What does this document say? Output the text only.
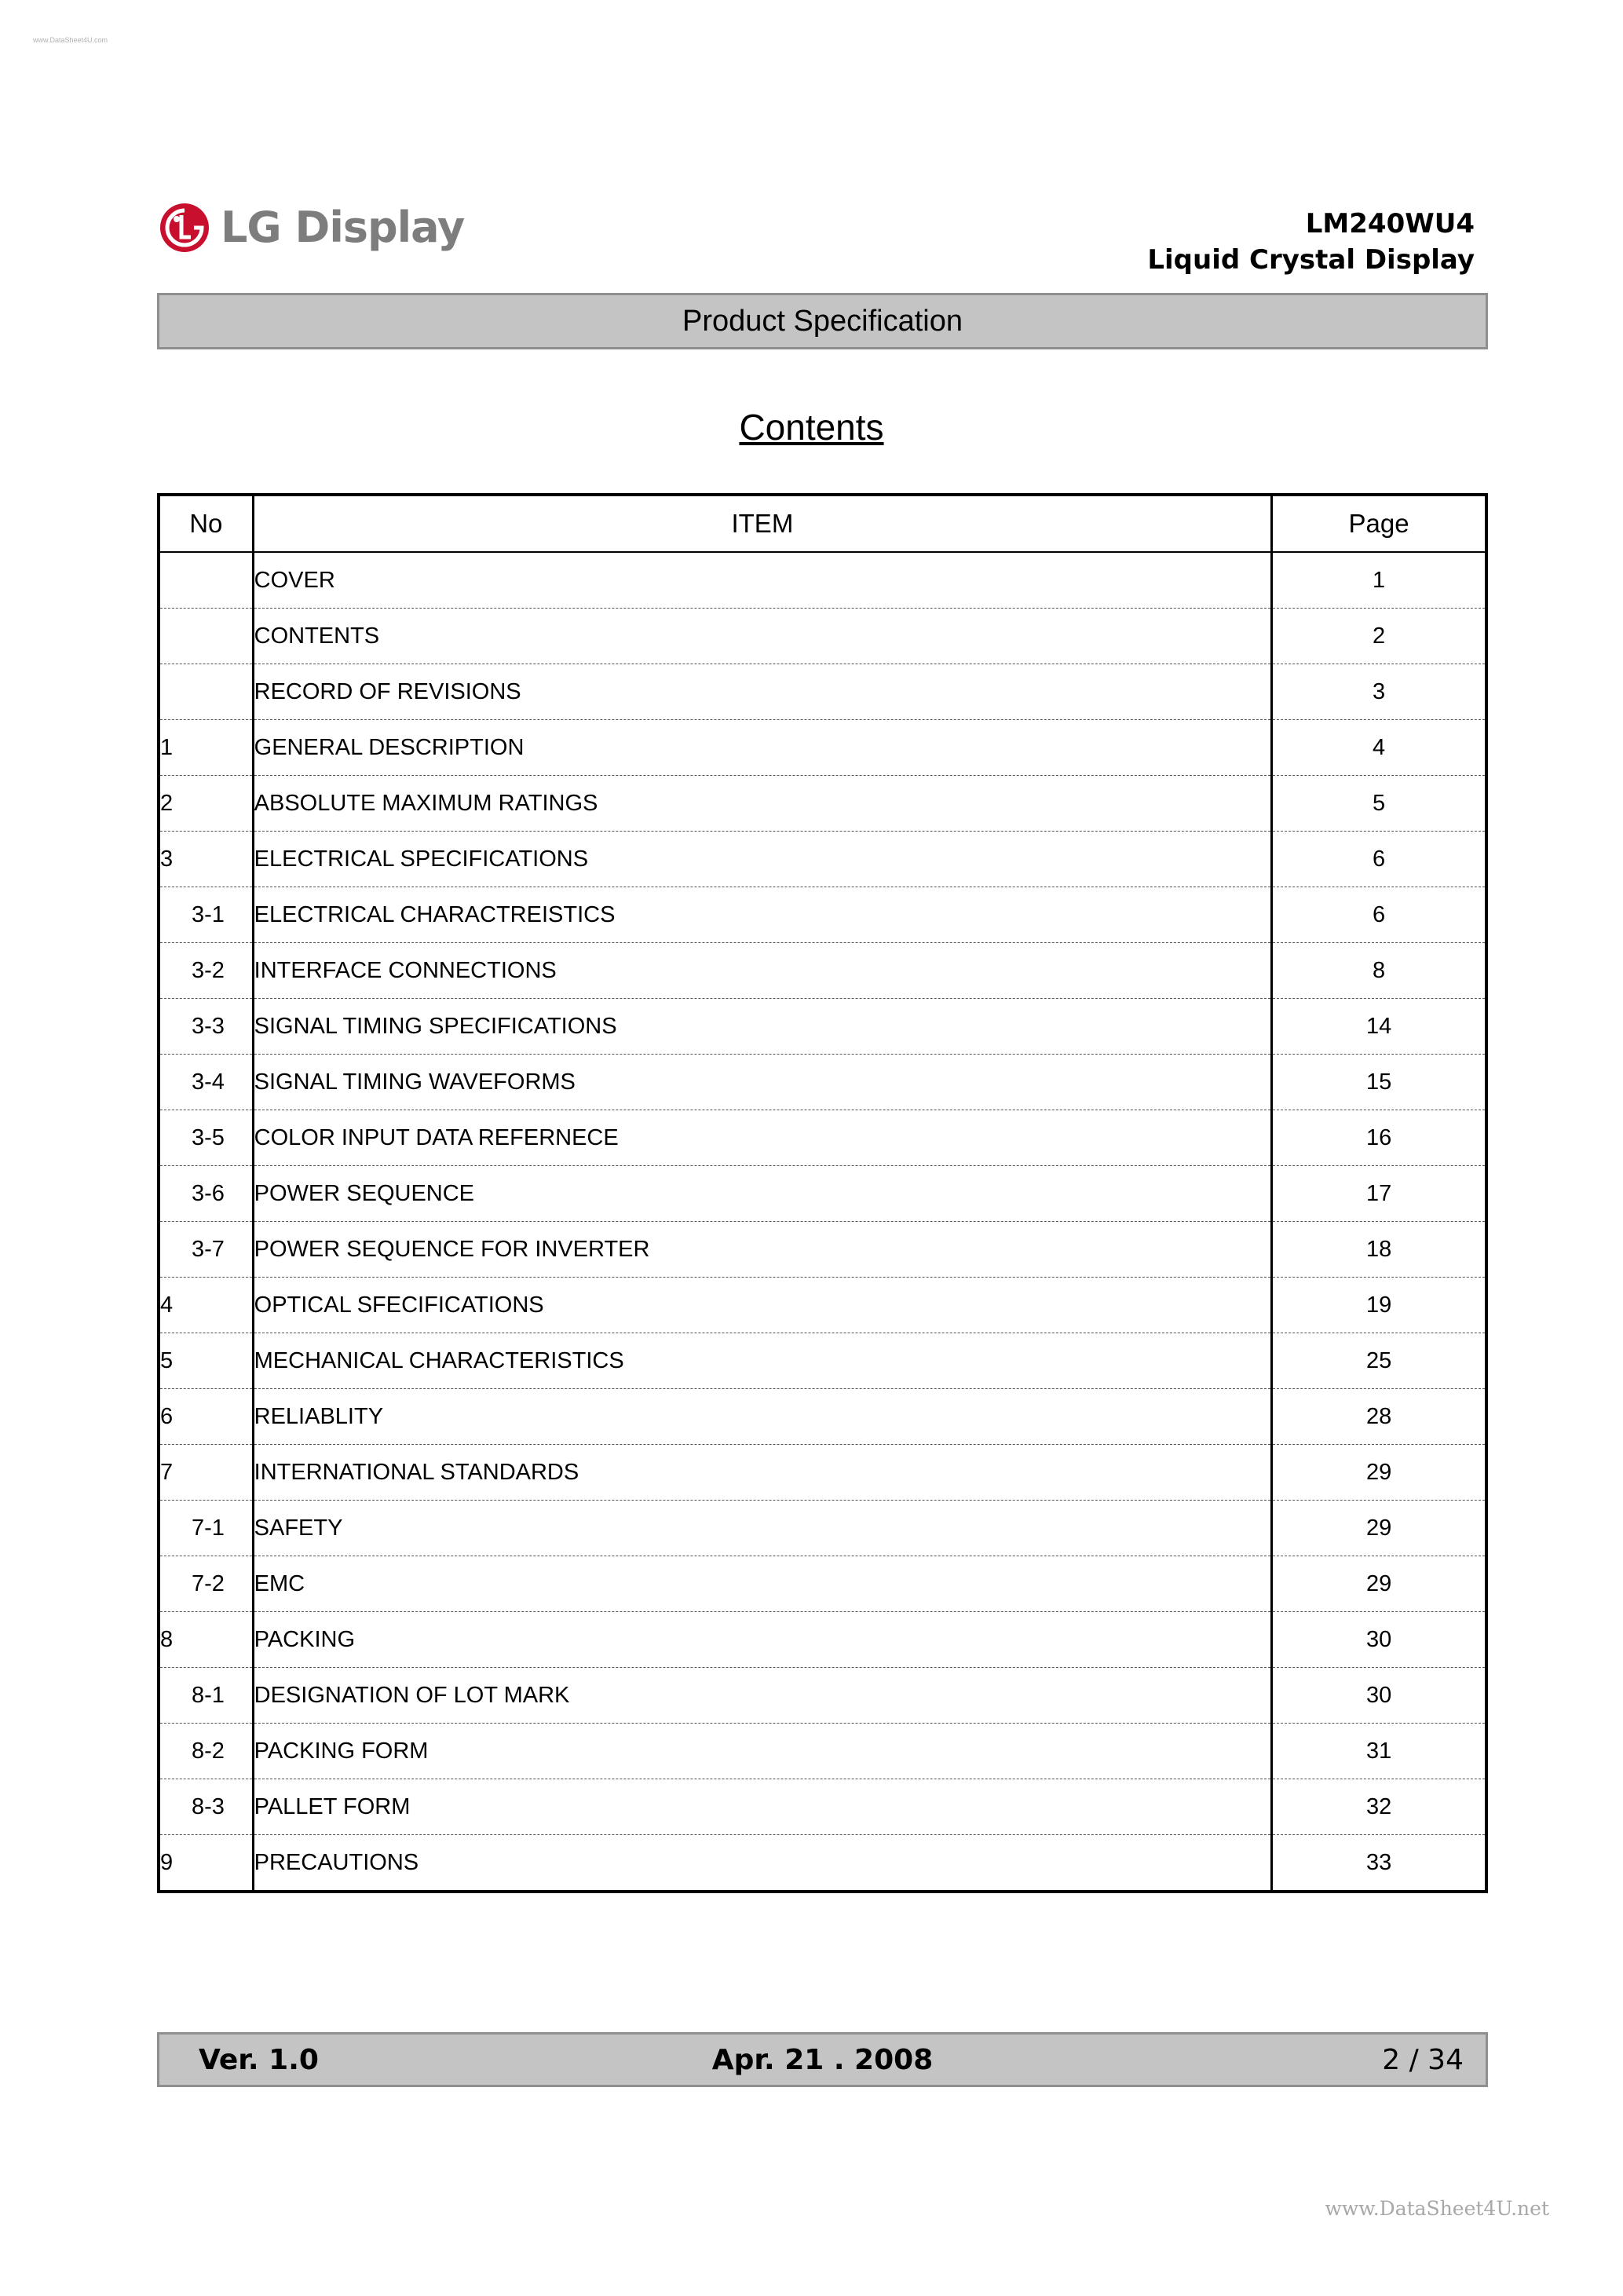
www.DataSheet4U.com
LG Display	LM240WU4
Liquid Crystal Display
Product Specification
Contents
No	ITEM	Page
	COVER	1
	CONTENTS	2
	RECORD OF REVISIONS	3
1	GENERAL DESCRIPTION	4
2	ABSOLUTE MAXIMUM RATINGS	5
3	ELECTRICAL SPECIFICATIONS	6
3-1	ELECTRICAL CHARACTREISTICS	6
3-2	INTERFACE CONNECTIONS	8
3-3	SIGNAL TIMING SPECIFICATIONS	14
3-4	SIGNAL TIMING WAVEFORMS	15
3-5	COLOR INPUT DATA REFERNECE	16
3-6	POWER SEQUENCE	17
3-7	POWER SEQUENCE FOR INVERTER	18
4	OPTICAL SFECIFICATIONS	19
5	MECHANICAL CHARACTERISTICS	25
6	RELIABLITY	28
7	INTERNATIONAL STANDARDS	29
7-1	SAFETY	29
7-2	EMC	29
8	PACKING	30
8-1	DESIGNATION OF LOT MARK	30
8-2	PACKING FORM	31
8-3	PALLET FORM	32
9	PRECAUTIONS	33
Ver. 1.0	Apr. 21 . 2008	2 / 34
www.DataSheet4U.net
